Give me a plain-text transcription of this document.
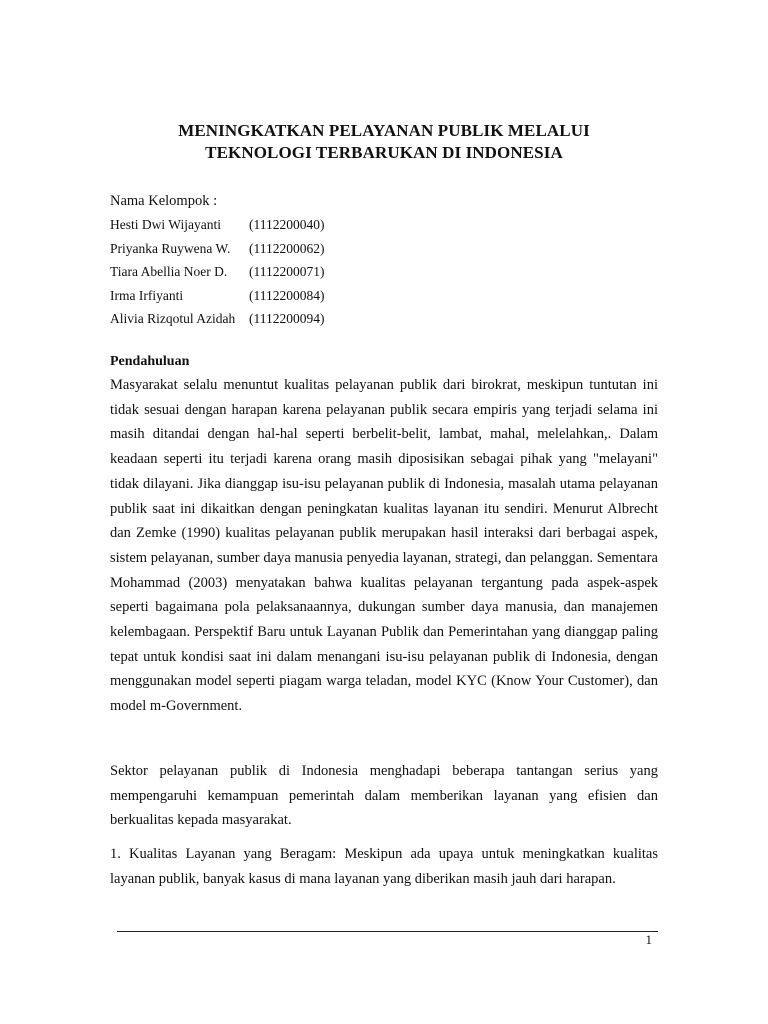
MENINGKATKAN PELAYANAN PUBLIK MELALUI
TEKNOLOGI TERBARUKAN DI INDONESIA
Nama Kelompok :
Hesti Dwi Wijayanti	(1112200040)
Priyanka Ruywena W.	(1112200062)
Tiara Abellia Noer D.	(1112200071)
Irma Irfiyanti	(1112200084)
Alivia Rizqotul Azidah	(1112200094)
Pendahuluan

Masyarakat selalu menuntut kualitas pelayanan publik dari birokrat, meskipun tuntutan ini tidak sesuai dengan harapan karena pelayanan publik secara empiris yang terjadi selama ini masih ditandai dengan hal-hal seperti berbelit-belit, lambat, mahal, melelahkan,. Dalam keadaan seperti itu terjadi karena orang masih diposisikan sebagai pihak yang "melayani" tidak dilayani. Jika dianggap isu-isu pelayanan publik di Indonesia, masalah utama pelayanan publik saat ini dikaitkan dengan peningkatan kualitas layanan itu sendiri. Menurut Albrecht dan Zemke (1990) kualitas pelayanan publik merupakan hasil interaksi dari berbagai aspek, sistem pelayanan, sumber daya manusia penyedia layanan, strategi, dan pelanggan. Sementara Mohammad (2003) menyatakan bahwa kualitas pelayanan tergantung pada aspek-aspek seperti bagaimana pola pelaksanaannya, dukungan sumber daya manusia, dan manajemen kelembagaan. Perspektif Baru untuk Layanan Publik dan Pemerintahan yang dianggap paling tepat untuk kondisi saat ini dalam menangani isu-isu pelayanan publik di Indonesia, dengan menggunakan model seperti piagam warga teladan, model KYC (Know Your Customer), dan model m-Government.

Sektor pelayanan publik di Indonesia menghadapi beberapa tantangan serius yang mempengaruhi kemampuan pemerintah dalam memberikan layanan yang efisien dan berkualitas kepada masyarakat.

1. Kualitas Layanan yang Beragam: Meskipun ada upaya untuk meningkatkan kualitas layanan publik, banyak kasus di mana layanan yang diberikan masih jauh dari harapan.

1
